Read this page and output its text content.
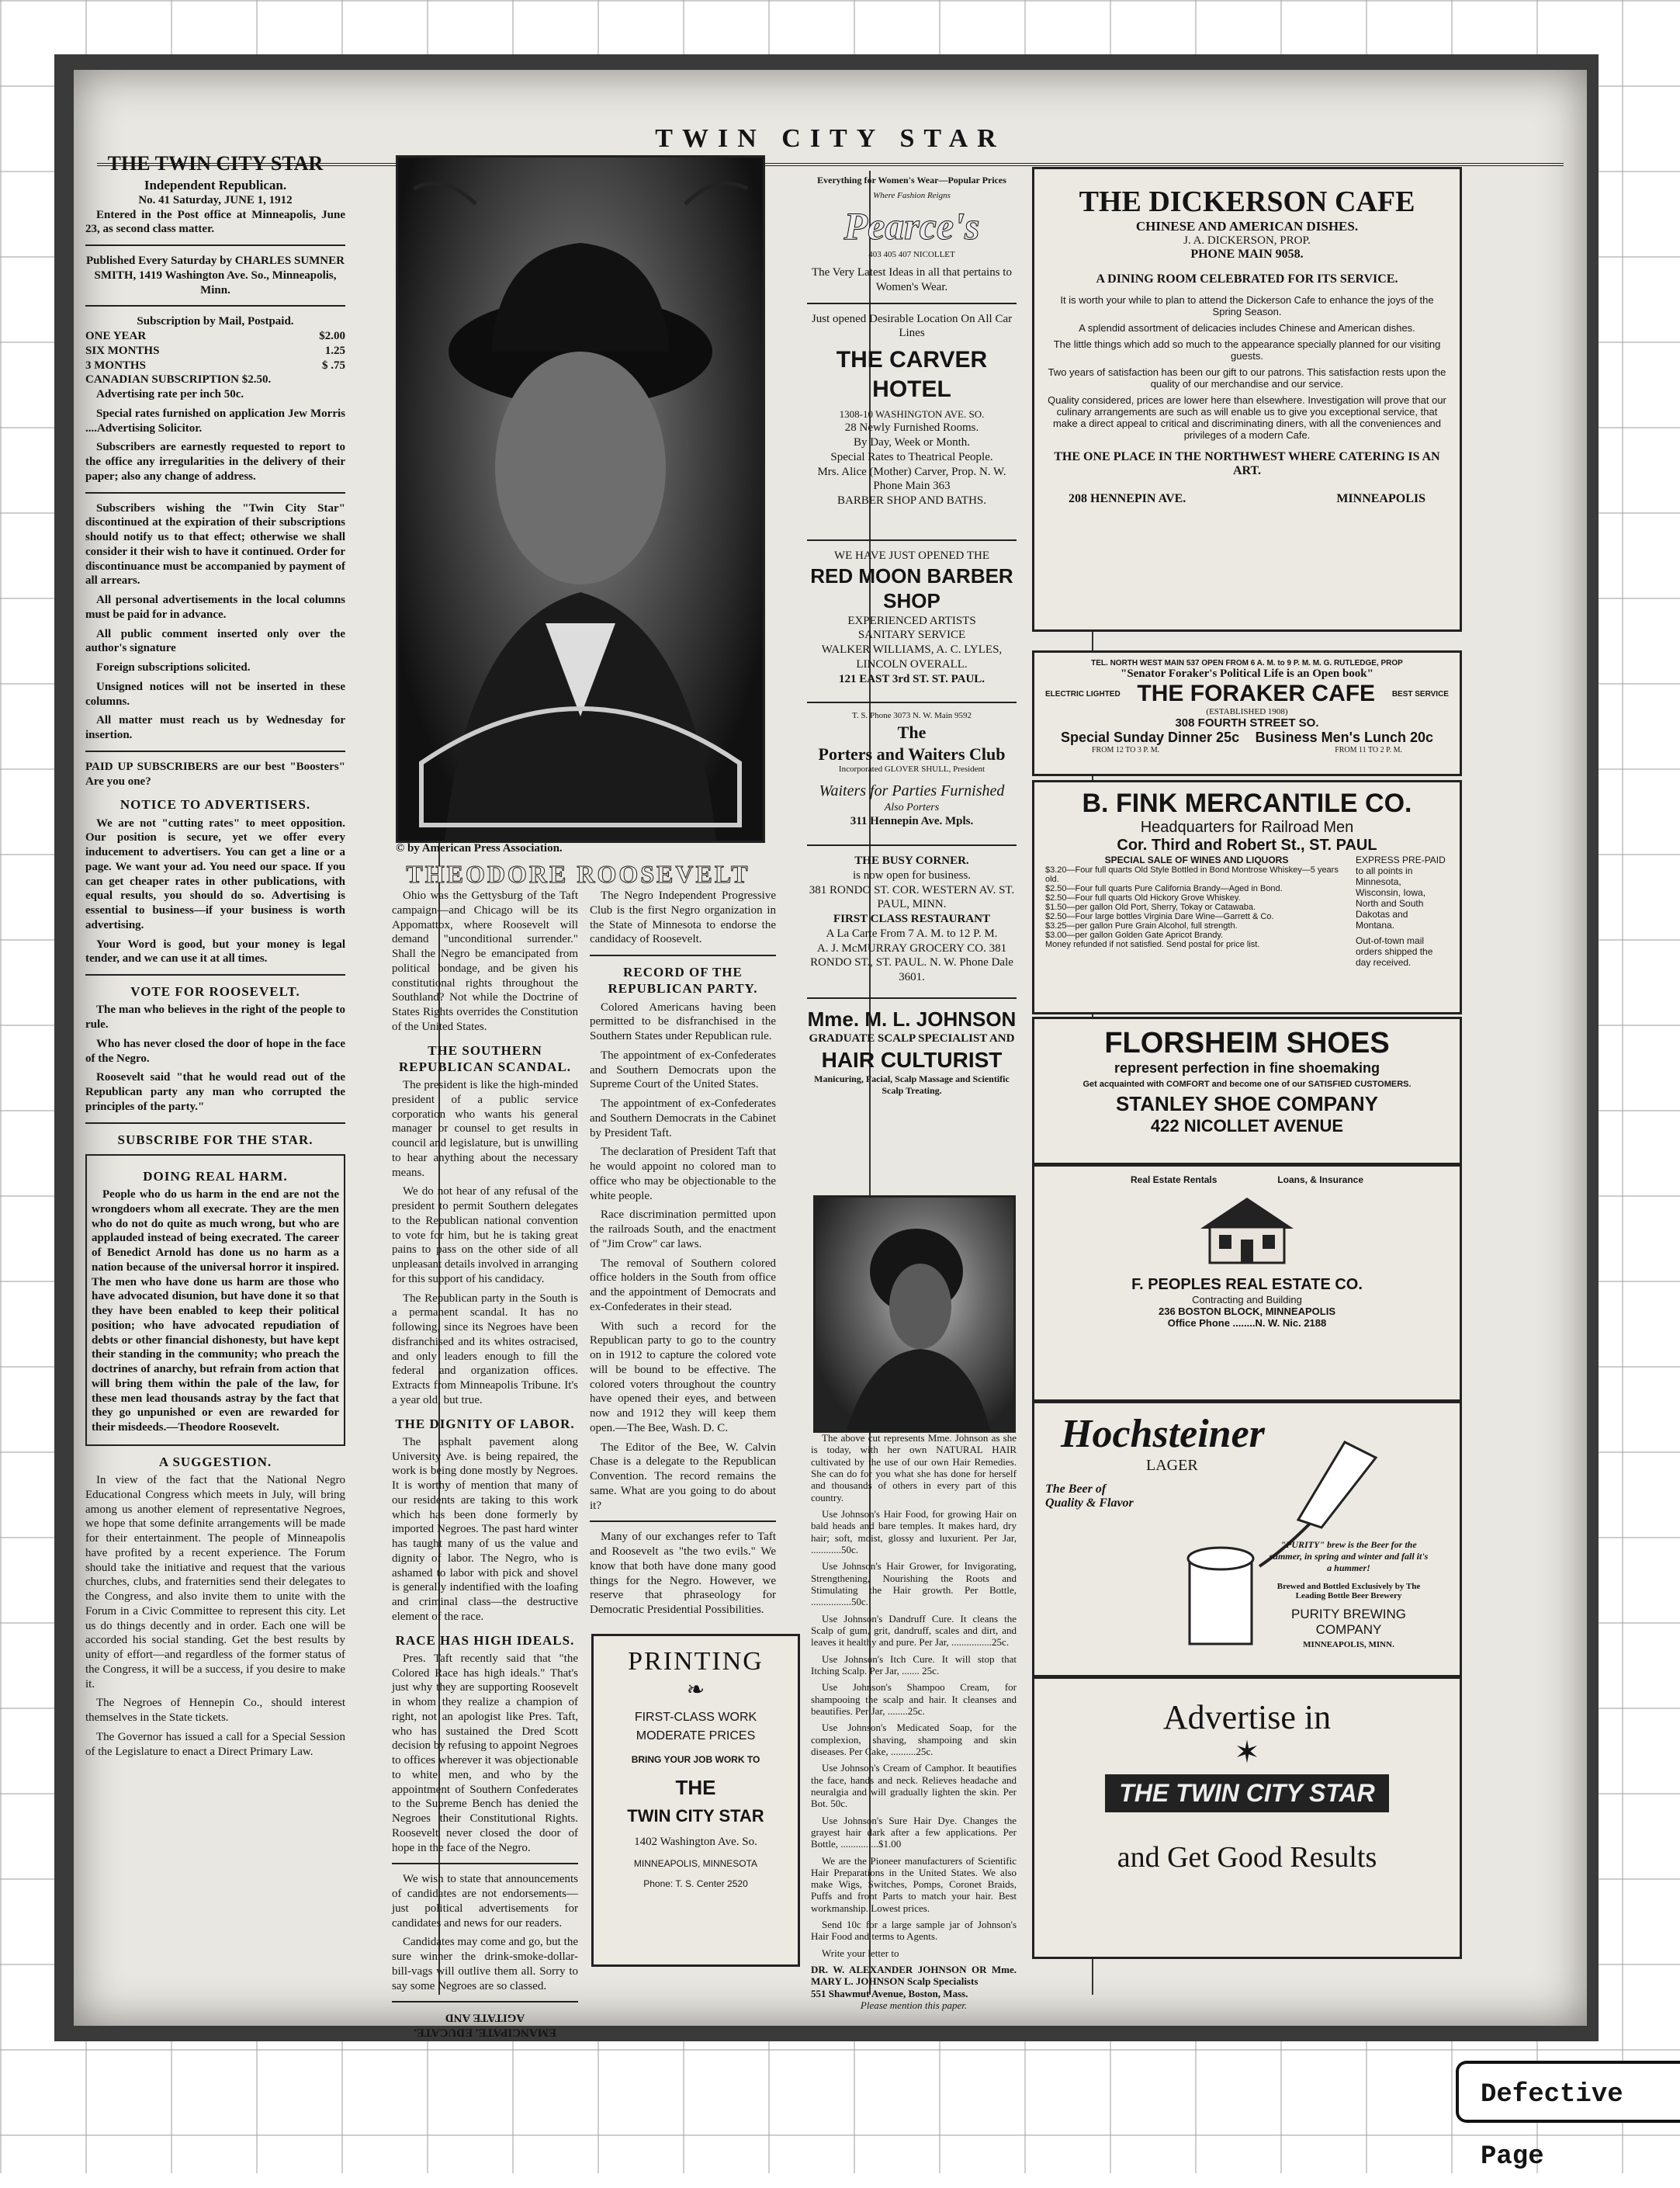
TWIN CITY STAR
THE TWIN CITY STAR
Independent Republican.
No. 41 Saturday, JUNE 1, 1912

Entered in the Post office at Minneapolis, June 23, as second class matter.

Published Every Saturday by CHARLES SUMNER SMITH, 1419 Washington Ave. So., Minneapolis, Minn.

Subscription by Mail, Postpaid.
ONE YEAR	$2.00
SIX MONTHS	1.25
3 MONTHS	$ .75
CANADIAN SUBSCRIPTION $2.50.

Advertising rate per inch 50c.

Special rates furnished on application Jew Morris ....Advertising Solicitor.

Subscribers are earnestly requested to report to the office any irregularities in the delivery of their paper; also any change of address.

Subscribers wishing the "Twin City Star" discontinued at the expiration of their subscriptions should notify us to that effect; otherwise we shall consider it their wish to have it continued. Order for discontinuance must be accompanied by payment of all arrears.

All personal advertisements in the local columns must be paid for in advance.

All public comment inserted only over the author's signature

Foreign subscriptions solicited.

Unsigned notices will not be inserted in these columns.

All matter must reach us by Wednesday for insertion.

PAID UP SUBSCRIBERS are our best "Boosters" Are you one?

NOTICE TO ADVERTISERS.

We are not "cutting rates" to meet opposition. Our position is secure, yet we offer every inducement to advertisers. You can get a line or a page. We want your ad. You need our space. If you can get cheaper rates in other publications, with equal results, you should do so. Advertising is essential to business—if your business is worth advertising.

Your Word is good, but your money is legal tender, and we can use it at all times.

VOTE FOR ROOSEVELT.

The man who believes in the right of the people to rule.

Who has never closed the door of hope in the face of the Negro.

Roosevelt said "that he would read out of the Republican party any man who corrupted the principles of the party."

SUBSCRIBE FOR THE STAR.
DOING REAL HARM.

People who do us harm in the end are not the wrongdoers whom all execrate. They are the men who do not do quite as much wrong, but who are applauded instead of being execrated. The career of Benedict Arnold has done us no harm as a nation because of the universal horror it inspired. The men who have done us harm are those who have advocated disunion, but have done it so that they have been enabled to keep their political position; who have advocated repudiation of debts or other financial dishonesty, but have kept their standing in the community; who preach the doctrines of anarchy, but refrain from action that will bring them within the pale of the law, for these men lead thousands astray by the fact that they go unpunished or even are rewarded for their misdeeds.—Theodore Roosevelt.

A SUGGESTION.

In view of the fact that the National Negro Educational Congress which meets in July, will bring among us another element of representative Negroes, we hope that some definite arrangements will be made for their entertainment. The people of Minneapolis have profited by a recent experience. The Forum should take the initiative and request that the various churches, clubs, and fraternities send their delegates to the Congress, and also invite them to unite with the Forum in a Civic Committee to represent this city. Let us do things decently and in order. Each one will be accorded his social standing. Get the best results by unity of effort—and regardless of the former status of the Congress, it will be a success, if you desire to make it.

The Negroes of Hennepin Co., should interest themselves in the State tickets.

The Governor has issued a call for a Special Session of the Legislature to enact a Direct Primary Law.

© by American Press Association.
THEODORE ROOSEVELT

Ohio was the Gettysburg of the Taft campaign—and Chicago will be its Appomattox, where Roosevelt will demand "unconditional surrender." Shall the Negro be emancipated from political bondage, and be given his constitutional rights throughout the Southland? Not while the Doctrine of States Rights overrides the Constitution of the United States.

THE SOUTHERN REPUBLICAN SCANDAL.

The president is like the high-minded president of a public service corporation who wants his general manager or counsel to get results in council and legislature, but is unwilling to hear anything about the necessary means.

We do not hear of any refusal of the president to permit Southern delegates to the Republican national convention to vote for him, but he is taking great pains to pass on the other side of all unpleasant details involved in arranging for this support of his candidacy.

The Republican party in the South is a permanent scandal. It has no following, since its Negroes have been disfranchised and its whites ostracised, and only leaders enough to fill the federal and organization offices. Extracts from Minneapolis Tribune. It's a year old, but true.

THE DIGNITY OF LABOR.

The asphalt pavement along University Ave. is being repaired, the work is being done mostly by Negroes. It is worthy of mention that many of our residents are taking to this work which has been done formerly by imported Negroes. The past hard winter has taught many of us the value and dignity of labor. The Negro, who is ashamed to labor with pick and shovel is generally indentified with the loafing and criminal class—the destructive element of the race.

RACE HAS HIGH IDEALS.

Pres. Taft recently said that "the Colored Race has high ideals." That's just why they are supporting Roosevelt in whom they realize a champion of right, not an apologist like Pres. Taft, who has sustained the Dred Scott decision by refusing to appoint Negroes to offices wherever it was objectionable to white men, and who by the appointment of Southern Confederates to the Supreme Bench has denied the Negroes their Constitutional Rights. Roosevelt never closed the door of hope in the face of the Negro.

We wish to state that announcements of candidates are not endorsements—just political advertisements for candidates and news for our readers.

Candidates may come and go, but the sure winner the drink-smoke-dollar-bill-vags will outlive them all. Sorry to say some Negroes are so classed.

EMANCIPATE. EDUCATE. AGITATE AND

The Negro Independent Progressive Club is the first Negro organization in the State of Minnesota to endorse the candidacy of Roosevelt.

RECORD OF THE REPUBLICAN PARTY.

Colored Americans having been permitted to be disfranchised in the Southern States under Republican rule.

The appointment of ex-Confederates and Southern Democrats upon the Supreme Court of the United States.

The appointment of ex-Confederates and Southern Democrats in the Cabinet by President Taft.

The declaration of President Taft that he would appoint no colored man to office who may be objectionable to the white people.

Race discrimination permitted upon the railroads South, and the enactment of "Jim Crow" car laws.

The removal of Southern colored office holders in the South from office and the appointment of Democrats and ex-Confederates in their stead.

With such a record for the Republican party to go to the country on in 1912 to capture the colored vote will be bound to be effective. The colored voters throughout the country have opened their eyes, and between now and 1912 they will keep them open.—The Bee, Wash. D. C.

The Editor of the Bee, W. Calvin Chase is a delegate to the Republican Convention. The record remains the same. What are you going to do about it?

Many of our exchanges refer to Taft and Roosevelt as "the two evils." We know that both have done many good things for the Negro. However, we reserve that phraseology for Democratic Presidential Possibilities.

PRINTING
❧
FIRST-CLASS WORK
MODERATE PRICES
BRING YOUR JOB WORK TO
THE
TWIN CITY STAR
1402 Washington Ave. So.
MINNEAPOLIS, MINNESOTA
Phone: T. S. Center 2520
Everything for Women's Wear—Popular Prices
Where Fashion Reigns
Pearce's
403 405 407 NICOLLET

The Very Latest Ideas in all that pertains to Women's Wear.

Just opened Desirable Location On All Car Lines
THE CARVER HOTEL
1308-10 WASHINGTON AVE. SO.
28 Newly Furnished Rooms.
By Day, Week or Month.
Special Rates to Theatrical People.
Mrs. Alice (Mother) Carver, Prop. N. W. Phone Main 363
BARBER SHOP AND BATHS.
WE HAVE JUST OPENED THE
RED MOON BARBER SHOP
EXPERIENCED ARTISTS
SANITARY SERVICE
WALKER WILLIAMS, A. C. LYLES, LINCOLN OVERALL.
121 EAST 3rd ST. ST. PAUL.
T. S. Phone 3073 N. W. Main 9592
The
Porters and Waiters Club
Incorporated GLOVER SHULL, President
Waiters for Parties Furnished
Also Porters
311 Hennepin Ave. Mpls.
THE BUSY CORNER.
is now open for business.
381 RONDO ST. COR. WESTERN AV. ST. PAUL, MINN.
FIRST CLASS RESTAURANT
A La Carte From 7 A. M. to 12 P. M.
A. J. McMURRAY GROCERY CO. 381 RONDO ST., ST. PAUL. N. W. Phone Dale 3601.
Mme. M. L. JOHNSON
GRADUATE SCALP SPECIALIST AND
HAIR CULTURIST
Manicuring, Facial, Scalp Massage and Scientific Scalp Treating.

The above cut represents Mme. Johnson as she is today, with her own NATURAL HAIR cultivated by the use of our own Hair Remedies. She can do for you what she has done for herself and thousands of others in every part of this country.

Use Johnson's Hair Food, for growing Hair on bald heads and bare temples. It makes hard, dry hair; soft, moist, glossy and luxurient. Per Jar, ............50c.

Use Johnson's Hair Grower, for Invigorating, Strengthening, Nourishing the Roots and Stimulating the Hair growth. Per Bottle, ................50c.

Use Johnson's Dandruff Cure. It cleans the Scalp of gum, grit, dandruff, scales and dirt, and leaves it healthy and pure. Per Jar, ................25c.

Use Johnson's Itch Cure. It will stop that Itching Scalp. Per Jar, ....... 25c.

Use Johnson's Shampoo Cream, for shampooing the scalp and hair. It cleanses and beautifies. Per Jar, ........25c.

Use Johnson's Medicated Soap, for the complexion, shaving, shampoing and skin diseases. Per Cake, ..........25c.

Use Johnson's Cream of Camphor. It beautifies the face, hands and neck. Relieves headache and neuralgia and will gradually lighten the skin. Per Bot. 50c.

Use Johnson's Sure Hair Dye. Changes the grayest hair dark after a few applications. Per Bottle, ...............$1.00

We are the Pioneer manufacturers of Scientific Hair Preparations in the United States. We also make Wigs, Switches, Pomps, Coronet Braids, Puffs and front Parts to match your hair. Best workmanship. Lowest prices.

Send 10c for a large sample jar of Johnson's Hair Food and terms to Agents.

Write your letter to

DR. W. ALEXANDER JOHNSON OR Mme. MARY L. JOHNSON Scalp Specialists
551 Shawmut Avenue, Boston, Mass.
Please mention this paper.
THE DICKERSON CAFE
CHINESE AND AMERICAN DISHES.
J. A. DICKERSON, PROP.
PHONE MAIN 9058.
A DINING ROOM CELEBRATED FOR ITS SERVICE.

It is worth your while to plan to attend the Dickerson Cafe to enhance the joys of the Spring Season.

A splendid assortment of delicacies includes Chinese and American dishes.

The little things which add so much to the appearance specially planned for our visiting guests.

Two years of satisfaction has been our gift to our patrons. This satisfaction rests upon the quality of our merchandise and our service.

Quality considered, prices are lower here than elsewhere. Investigation will prove that our culinary arrangements are such as will enable us to give you exceptional service, that make a direct appeal to critical and discriminating diners, with all the conveniences and privileges of a modern Cafe.

THE ONE PLACE IN THE NORTHWEST WHERE CATERING IS AN ART.
208 HENNEPIN AVE.	MINNEAPOLIS
TEL. NORTH WEST MAIN 537 OPEN FROM 6 A. M. to 9 P. M. M. G. RUTLEDGE, PROP
"Senator Foraker's Political Life is an Open book"
ELECTRIC LIGHTED THE FORAKER CAFE BEST SERVICE
(ESTABLISHED 1908)
308 FOURTH STREET SO.
Special Sunday Dinner 25c Business Men's Lunch 20c
FROM 12 TO 3 P. M.	FROM 11 TO 2 P. M.
B. FINK MERCANTILE CO.
Headquarters for Railroad Men
Cor. Third and Robert St., ST. PAUL
SPECIAL SALE OF WINES AND LIQUORS
$3.20—Four full quarts Old Style Bottled in Bond Montrose Whiskey—5 years old.
$2.50—Four full quarts Pure California Brandy—Aged in Bond.
$2.50—Four full quarts Old Hickory Grove Whiskey.
$1.50—per gallon Old Port, Sherry, Tokay or Catawaba.
$2.50—Four large bottles Virginia Dare Wine—Garrett & Co.
$3.25—per gallon Pure Grain Alcohol, full strength.
$3.00—per gallon Golden Gate Apricot Brandy.
Money refunded if not satisfied. Send postal for price list.
EXPRESS PRE-PAID to all points in Minnesota, Wisconsin, Iowa, North and South Dakotas and Montana.
Out-of-town mail orders shipped the day received.
FLORSHEIM SHOES
represent perfection in fine shoemaking
Get acquainted with COMFORT and become one of our SATISFIED CUSTOMERS.
STANLEY SHOE COMPANY
422 NICOLLET AVENUE
Real Estate Rentals	Loans, & Insurance
F. PEOPLES REAL ESTATE CO.
Contracting and Building
236 BOSTON BLOCK, MINNEAPOLIS
Office Phone ........N. W. Nic. 2188
Hochsteiner
LAGER
The Beer of Quality & Flavor
"PURITY" brew is the Beer for the summer, in spring and winter and fall it's a hummer!
Brewed and Bottled Exclusively by The Leading Bottle Beer Brewery
PURITY BREWING COMPANY
MINNEAPOLIS, MINN.
Advertise in
✶
THE TWIN CITY STAR
and Get Good Results
Defective Page
